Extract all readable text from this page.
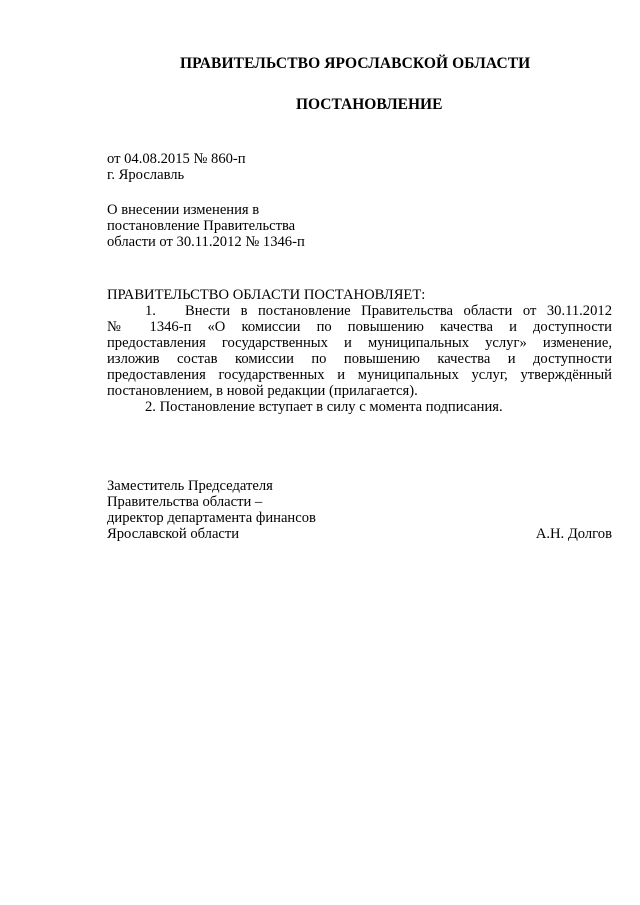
ПРАВИТЕЛЬСТВО ЯРОСЛАВСКОЙ ОБЛАСТИ
ПОСТАНОВЛЕНИЕ
от 04.08.2015 № 860-п
г. Ярославль
О внесении изменения в
постановление Правительства
области от 30.11.2012 № 1346-п
ПРАВИТЕЛЬСТВО ОБЛАСТИ ПОСТАНОВЛЯЕТ:
1. Внести в постановление Правительства области от 30.11.2012
№ 1346-п «О комиссии по повышению качества и доступности
предоставления государственных и муниципальных услуг» изменение,
изложив состав комиссии по повышению качества и доступности
предоставления государственных и муниципальных услуг, утверждённый
постановлением, в новой редакции (прилагается).
2. Постановление вступает в силу с момента подписания.
Заместитель Председателя
Правительства области –
директор департамента финансов
Ярославской области	А.Н. Долгов
